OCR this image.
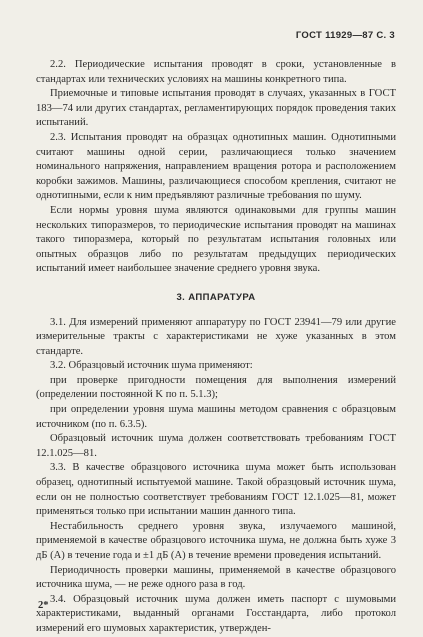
ГОСТ 11929—87 С. 3

2.2. Периодические испытания проводят в сроки, установленные в стандартах или технических условиях на машины конкретного типа.

Приемочные и типовые испытания проводят в случаях, указанных в ГОСТ 183—74 или других стандартах, регламентирующих порядок проведения таких испытаний.

2.3. Испытания проводят на образцах однотипных машин. Однотипными считают машины одной серии, различающиеся только значением номинального напряжения, направлением вращения ротора и расположением коробки зажимов. Машины, различающиеся способом крепления, считают не однотипными, если к ним предъявляют различные требования по шуму.

Если нормы уровня шума являются одинаковыми для группы машин нескольких типоразмеров, то периодические испытания проводят на машинах такого типоразмера, который по результатам испытания головных или опытных образцов либо по результатам предыдущих периодических испытаний имеет наибольшее значение среднего уровня звука.

3. АППАРАТУРА

3.1. Для измерений применяют аппаратуру по ГОСТ 23941—79 или другие измерительные тракты с характеристиками не хуже указанных в этом стандарте.

3.2. Образцовый источник шума применяют:

при проверке пригодности помещения для выполнения измерений (определении постоянной K по п. 5.1.3);

при определении уровня шума машины методом сравнения с образцовым источником (по п. 6.3.5).

Образцовый источник шума должен соответствовать требованиям ГОСТ 12.1.025—81.

3.3. В качестве образцового источника шума может быть использован образец, однотипный испытуемой машине. Такой образцовый источник шума, если он не полностью соответствует требованиям ГОСТ 12.1.025—81, может применяться только при испытании машин данного типа.

Нестабильность среднего уровня звука, излучаемого машиной, применяемой в качестве образцового источника шума, не должна быть хуже 3 дБ (A) в течение года и ±1 дБ (A) в течение времени проведения испытаний.

Периодичность проверки машины, применяемой в качестве образцового источника шума, — не реже одного раза в год.

3.4. Образцовый источник шума должен иметь паспорт с шумовыми характеристиками, выданный органами Госстандарта, либо протокол измерений его шумовых характеристик, утвержден-

2*
